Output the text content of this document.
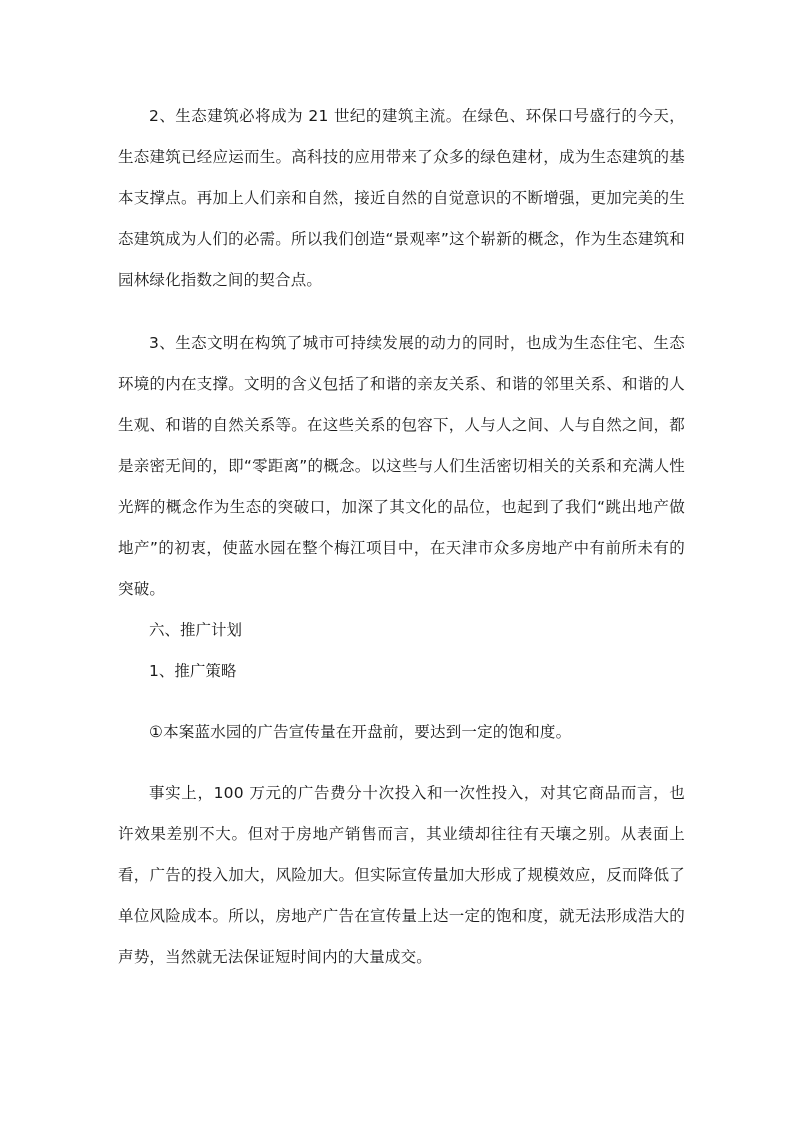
2、生态建筑必将成为 21 世纪的建筑主流。在绿色、环保口号盛行的今天，生态建筑已经应运而生。高科技的应用带来了众多的绿色建材，成为生态建筑的基本支撑点。再加上人们亲和自然，接近自然的自觉意识的不断增强，更加完美的生态建筑成为人们的必需。所以我们创造“景观率”这个崭新的概念，作为生态建筑和园林绿化指数之间的契合点。

3、生态文明在构筑了城市可持续发展的动力的同时，也成为生态住宅、生态环境的内在支撑。文明的含义包括了和谐的亲友关系、和谐的邻里关系、和谐的人生观、和谐的自然关系等。在这些关系的包容下，人与人之间、人与自然之间，都是亲密无间的，即“零距离”的概念。以这些与人们生活密切相关的关系和充满人性光辉的概念作为生态的突破口，加深了其文化的品位，也起到了我们“跳出地产做地产”的初衷，使蓝水园在整个梅江项目中，在天津市众多房地产中有前所未有的突破。

六、推广计划

1、推广策略

①本案蓝水园的广告宣传量在开盘前，要达到一定的饱和度。

事实上，100 万元的广告费分十次投入和一次性投入，对其它商品而言，也许效果差别不大。但对于房地产销售而言，其业绩却往往有天壤之别。从表面上看，广告的投入加大，风险加大。但实际宣传量加大形成了规模效应，反而降低了单位风险成本。所以，房地产广告在宣传量上达一定的饱和度，就无法形成浩大的声势，当然就无法保证短时间内的大量成交。
